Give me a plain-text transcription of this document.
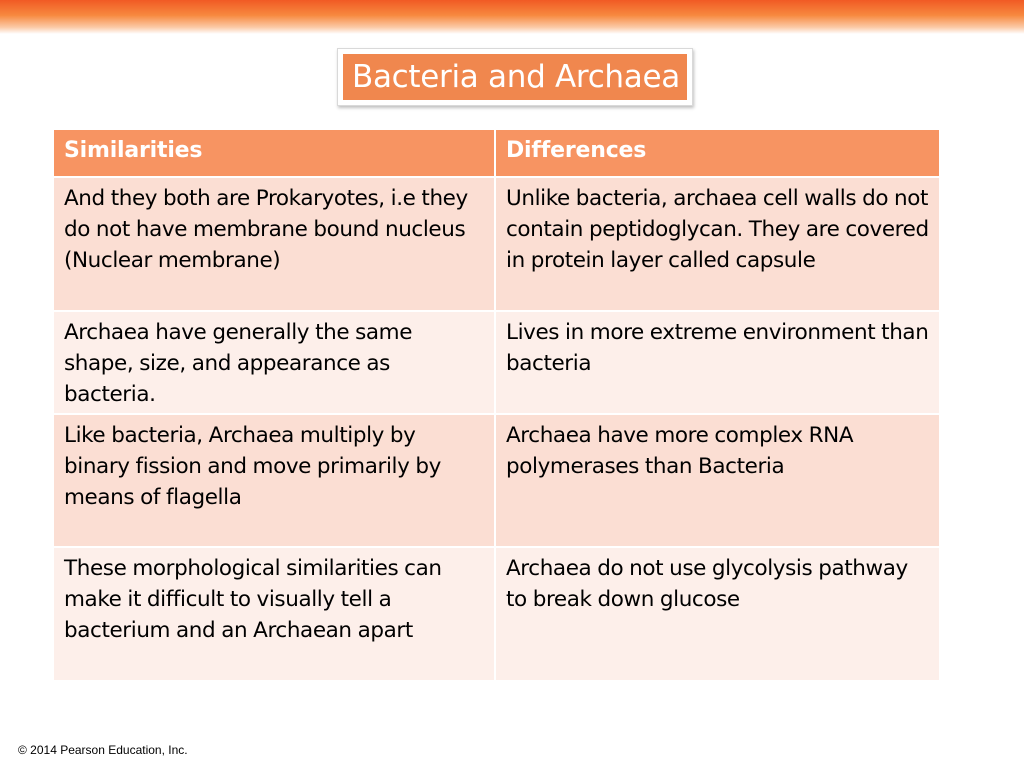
Bacteria and Archaea
Similarities	Differences
And they both are Prokaryotes, i.e they do not have membrane bound nucleus (Nuclear membrane)	Unlike bacteria, archaea cell walls do not contain peptidoglycan. They are covered in protein layer called capsule
Archaea have generally the same shape, size, and appearance as bacteria.	Lives in more extreme environment than bacteria
Like bacteria, Archaea multiply by binary fission and move primarily by means of flagella	Archaea have more complex RNA polymerases than Bacteria
These morphological similarities can make it difficult to visually tell a bacterium and an Archaean apart	Archaea do not use glycolysis pathway to break down glucose
© 2014 Pearson Education, Inc.
